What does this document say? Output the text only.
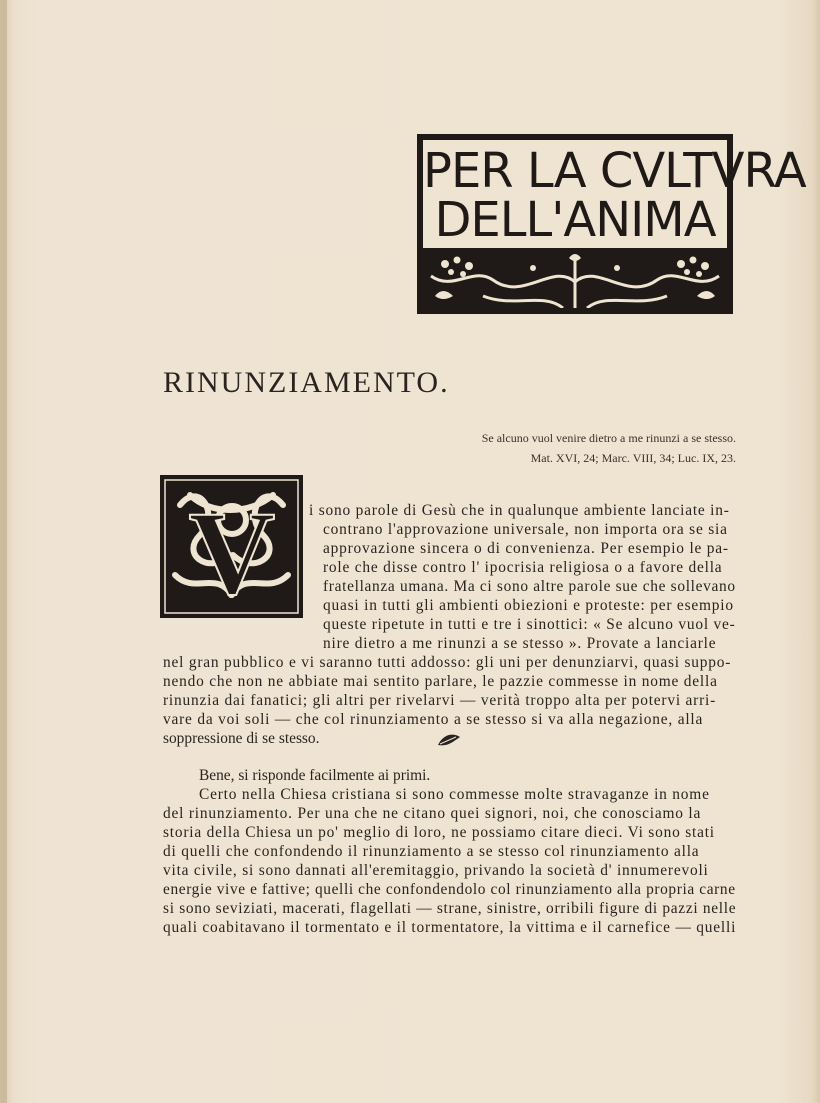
PER LA CVLTVRA
DELL'ANIMA
RINUNZIAMENTO.
Se alcuno vuol venire dietro a me rinunzi a se stesso.
Mat. XVI, 24; Marc. VIII, 34; Luc. IX, 23.
V i sono parole di Gesù che in qualunque ambiente lanciate in-
contrano l'approvazione universale, non importa ora se sia
approvazione sincera o di convenienza. Per esempio le pa-
role che disse contro l' ipocrisia religiosa o a favore della
fratellanza umana. Ma ci sono altre parole sue che sollevano
quasi in tutti gli ambienti obiezioni e proteste: per esempio
queste ripetute in tutti e tre i sinottici: « Se alcuno vuol ve-
nire dietro a me rinunzi a se stesso ». Provate a lanciarle
nel gran pubblico e vi saranno tutti addosso: gli uni per denunziarvi, quasi suppo-
nendo che non ne abbiate mai sentito parlare, le pazzie commesse in nome della
rinunzia dai fanatici; gli altri per rivelarvi — verità troppo alta per potervi arri-
vare da voi soli — che col rinunziamento a se stesso si va alla negazione, alla
soppressione di se stesso.
Bene, si risponde facilmente ai primi.
Certo nella Chiesa cristiana si sono commesse molte stravaganze in nome
del rinunziamento. Per una che ne citano quei signori, noi, che conosciamo la
storia della Chiesa un po' meglio di loro, ne possiamo citare dieci. Vi sono stati
di quelli che confondendo il rinunziamento a se stesso col rinunziamento alla
vita civile, si sono dannati all'eremitaggio, privando la società d' innumerevoli
energie vive e fattive; quelli che confondendolo col rinunziamento alla propria carne
si sono seviziati, macerati, flagellati — strane, sinistre, orribili figure di pazzi nelle
quali coabitavano il tormentato e il tormentatore, la vittima e il carnefice — quelli
